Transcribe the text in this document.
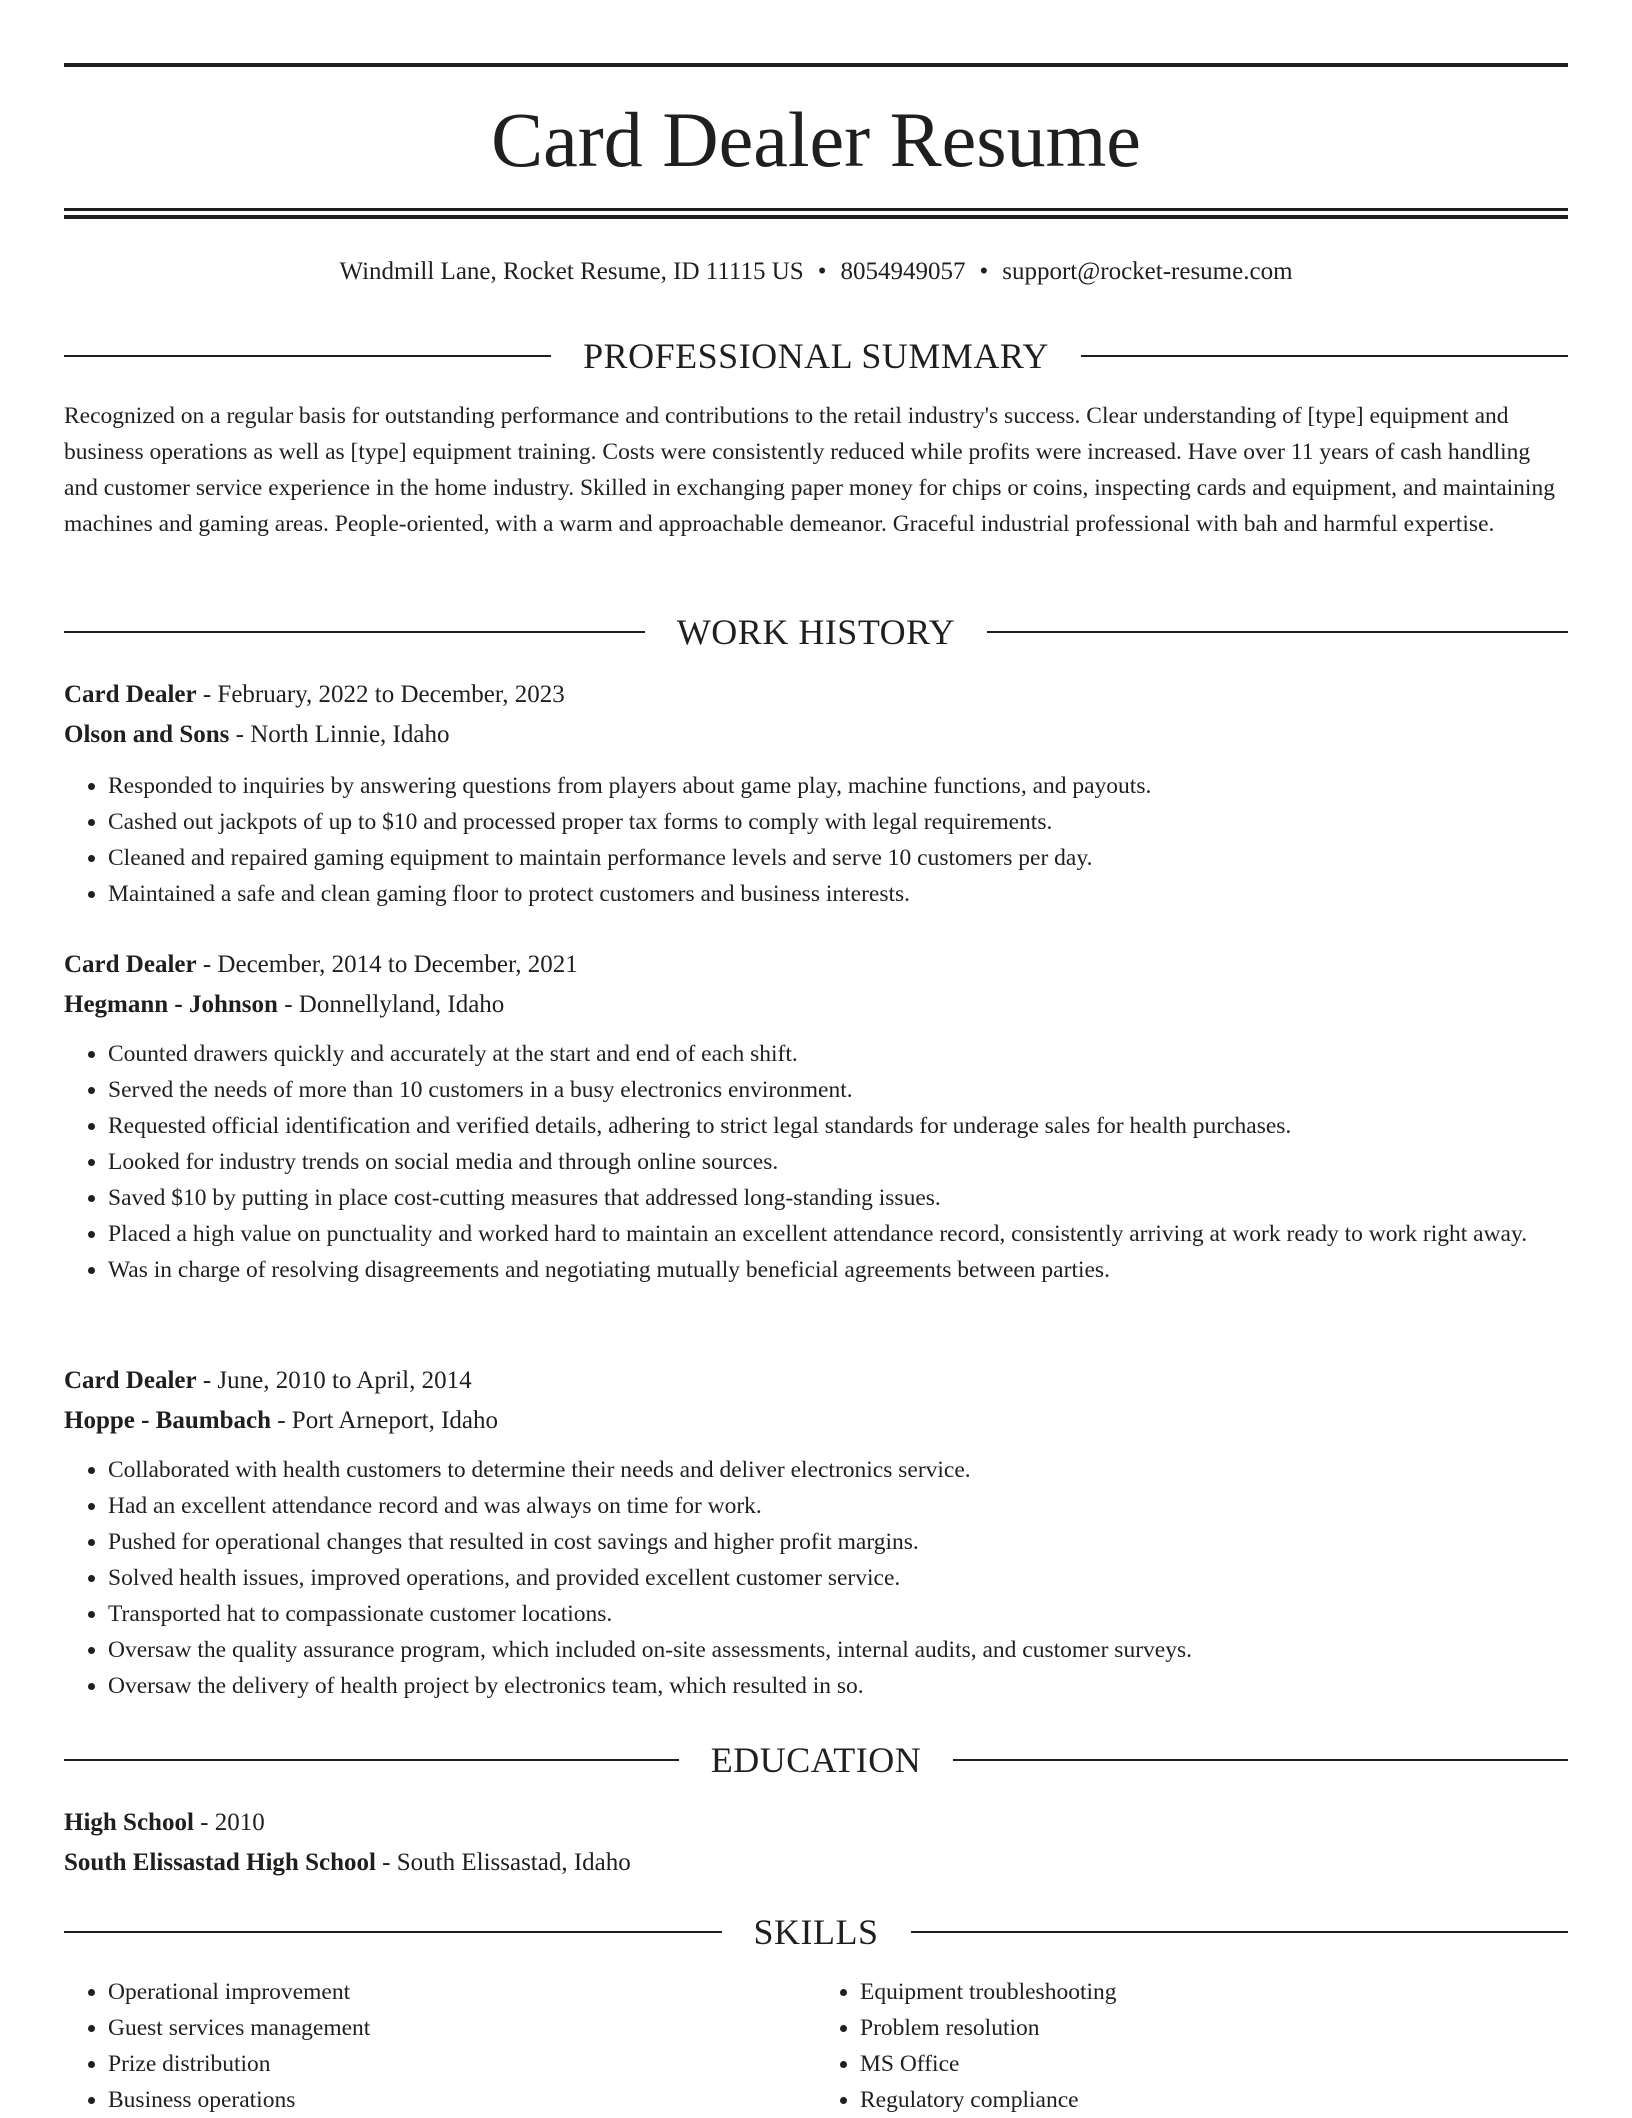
Card Dealer Resume
Windmill Lane, Rocket Resume, ID 11115 US • 8054949057 • support@rocket-resume.com
PROFESSIONAL SUMMARY

Recognized on a regular basis for outstanding performance and contributions to the retail industry's success. Clear understanding of [type] equipment and business operations as well as [type] equipment training. Costs were consistently reduced while profits were increased. Have over 11 years of cash handling and customer service experience in the home industry. Skilled in exchanging paper money for chips or coins, inspecting cards and equipment, and maintaining machines and gaming areas. People-oriented, with a warm and approachable demeanor. Graceful industrial professional with bah and harmful expertise.

WORK HISTORY

Card Dealer - February, 2022 to December, 2023

Olson and Sons - North Linnie, Idaho

• Responded to inquiries by answering questions from players about game play, machine functions, and payouts.
• Cashed out jackpots of up to $10 and processed proper tax forms to comply with legal requirements.
• Cleaned and repaired gaming equipment to maintain performance levels and serve 10 customers per day.
• Maintained a safe and clean gaming floor to protect customers and business interests.

Card Dealer - December, 2014 to December, 2021

Hegmann - Johnson - Donnellyland, Idaho

• Counted drawers quickly and accurately at the start and end of each shift.
• Served the needs of more than 10 customers in a busy electronics environment.
• Requested official identification and verified details, adhering to strict legal standards for underage sales for health purchases.
• Looked for industry trends on social media and through online sources.
• Saved $10 by putting in place cost-cutting measures that addressed long-standing issues.
• Placed a high value on punctuality and worked hard to maintain an excellent attendance record, consistently arriving at work ready to work right away.
• Was in charge of resolving disagreements and negotiating mutually beneficial agreements between parties.

Card Dealer - June, 2010 to April, 2014

Hoppe - Baumbach - Port Arneport, Idaho

• Collaborated with health customers to determine their needs and deliver electronics service.
• Had an excellent attendance record and was always on time for work.
• Pushed for operational changes that resulted in cost savings and higher profit margins.
• Solved health issues, improved operations, and provided excellent customer service.
• Transported hat to compassionate customer locations.
• Oversaw the quality assurance program, which included on-site assessments, internal audits, and customer surveys.
• Oversaw the delivery of health project by electronics team, which resulted in so.
EDUCATION

High School - 2010

South Elissastad High School - South Elissastad, Idaho

SKILLS
• Operational improvement
• Guest services management
• Prize distribution
• Business operations
• Equipment troubleshooting
• Problem resolution
• MS Office
• Regulatory compliance
